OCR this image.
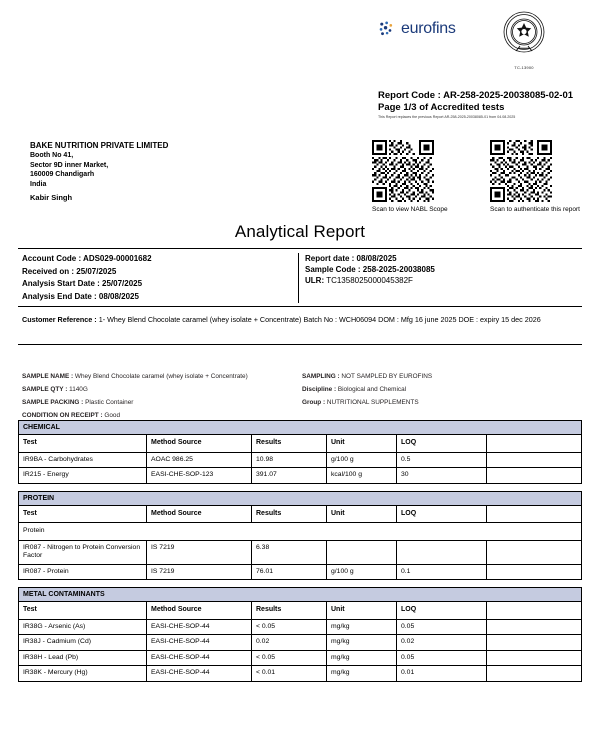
eurofins
TC-13900
Report Code : AR-258-2025-20038085-02-01
Page 1/3 of Accredited tests
This Report replaces the previous Report AR-258-2025-20038085-01 from 04.08.2025
BAKE NUTRITION PRIVATE LIMITED
Booth No 41,
Sector 9D inner Market,
160009 Chandigarh
India
Kabir Singh
Scan to view NABL Scope	Scan to authenticate this report
Analytical Report
Account Code : ADS029-00001682
Received on : 25/07/2025
Analysis Start Date : 25/07/2025
Analysis End Date : 08/08/2025
Report date : 08/08/2025
Sample Code : 258-2025-20038085
ULR: TC1358025000045382F
Customer Reference : 1- Whey Blend Chocolate caramel (whey isolate + Concentrate) Batch No : WCH06094 DOM : Mfg 16 june 2025 DOE : expiry 15 dec 2026
SAMPLE NAME : Whey Blend Chocolate caramel (whey isolate + Concentrate)
SAMPLE QTY : 1140G
SAMPLE PACKING : Plastic Container
CONDITION ON RECEIPT : Good
SAMPLING : NOT SAMPLED BY EUROFINS
Discipline : Biological and Chemical
Group : NUTRITIONAL SUPPLEMENTS
CHEMICAL					
Test	Method Source	Results	Unit	LOQ	
IR9BA - Carbohydrates	AOAC 986.25	10.98	g/100 g	0.5	
IR215 - Energy	EASI-CHE-SOP-123	391.07	kcal/100 g	30	
PROTEIN					
Test	Method Source	Results	Unit	LOQ	
Protein					
IR087 - Nitrogen to Protein Conversion Factor	IS 7219	6.38			
IR087 - Protein	IS 7219	76.01	g/100 g	0.1	
METAL CONTAMINANTS					
Test	Method Source	Results	Unit	LOQ	
IR38G - Arsenic (As)	EASI-CHE-SOP-44	< 0.05	mg/kg	0.05	
IR38J - Cadmium (Cd)	EASI-CHE-SOP-44	0.02	mg/kg	0.02	
IR38H - Lead (Pb)	EASI-CHE-SOP-44	< 0.05	mg/kg	0.05	
IR38K - Mercury (Hg)	EASI-CHE-SOP-44	< 0.01	mg/kg	0.01	
